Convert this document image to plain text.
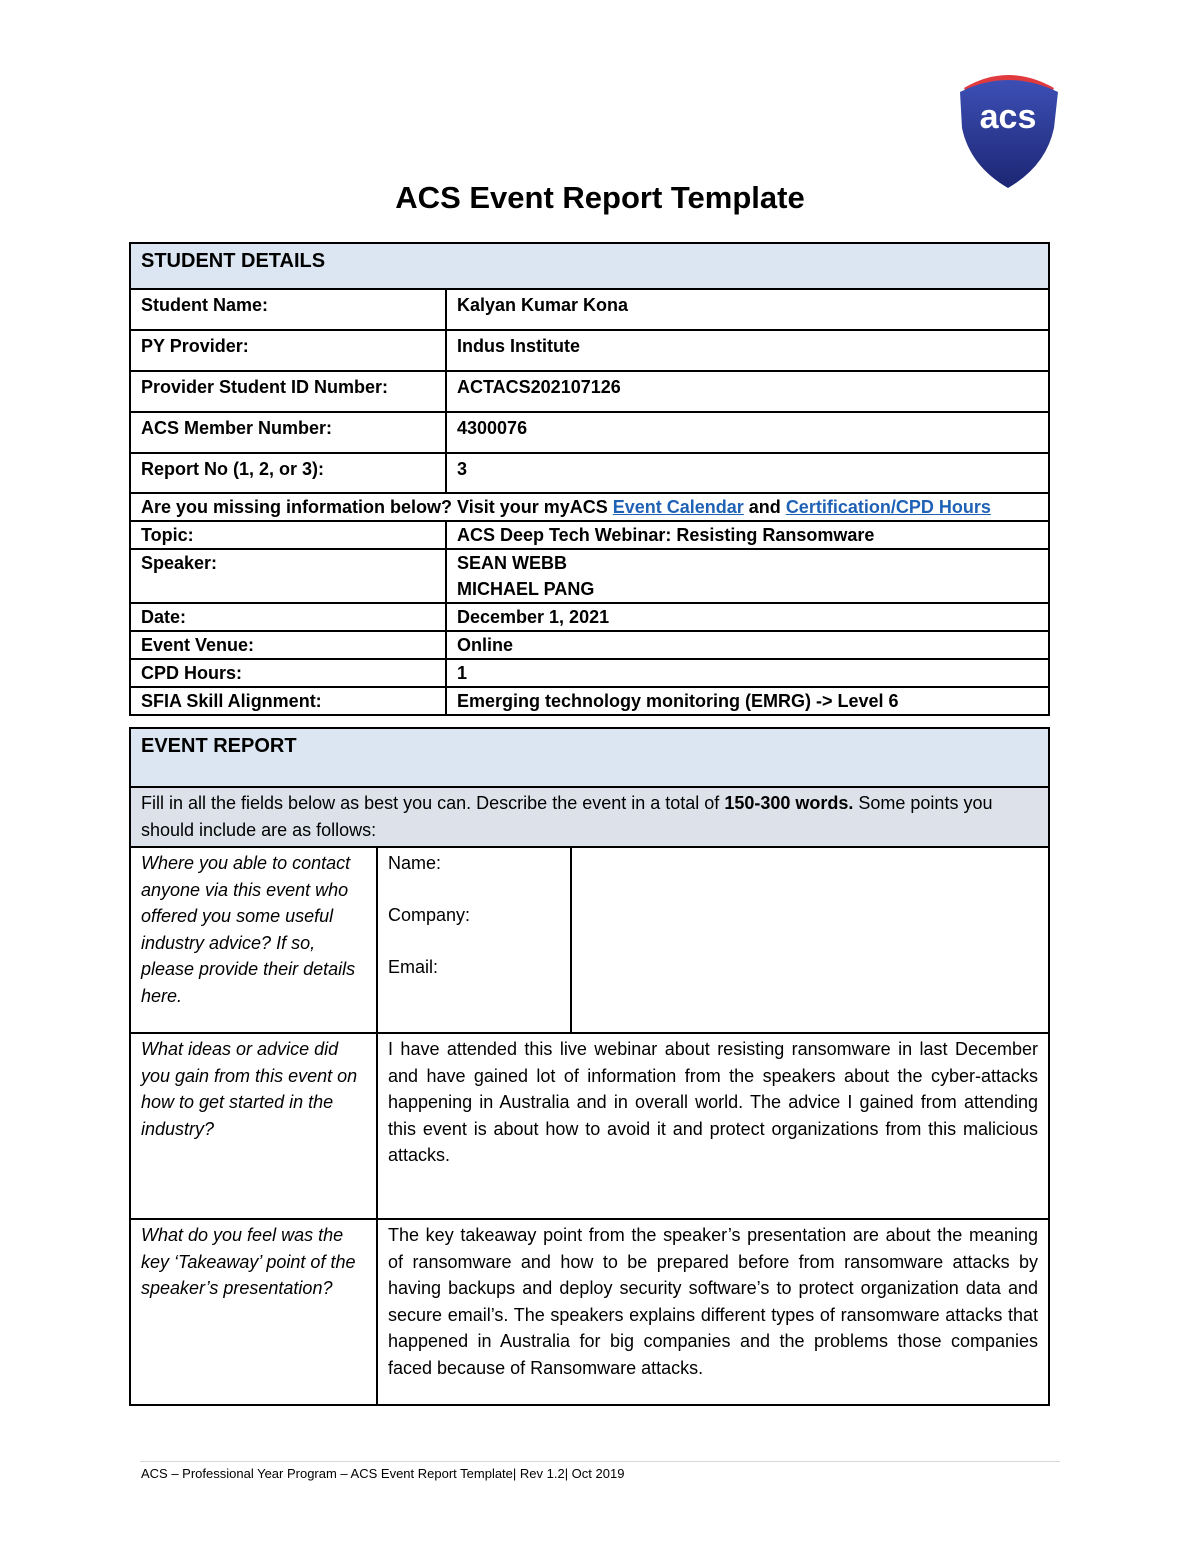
acs
ACS Event Report Template
STUDENT DETAILS	
Student Name:	Kalyan Kumar Kona
PY Provider:	Indus Institute
Provider Student ID Number:	ACTACS202107126
ACS Member Number:	4300076
Report No (1, 2, or 3):	3
Are you missing information below? Visit your myACS Event Calendar and Certification/CPD Hours	
Topic:	ACS Deep Tech Webinar: Resisting Ransomware
Speaker:	SEAN WEBB
MICHAEL PANG

Date:	December 1, 2021
Event Venue:	Online
CPD Hours:	1
SFIA Skill Alignment:	Emerging technology monitoring (EMRG) -> Level 6
EVENT REPORT		
Fill in all the fields below as best you can. Describe the event in a total of 150-300 words. Some points you should include are as follows:		
Where you able to contact anyone via this event who offered you some useful industry advice? If so, please provide their details here.	Name:
Company:
Email:	

What ideas or advice did you gain from this event on how to get started in the industry?	I have attended this live webinar about resisting ransomware in last December and have gained lot of information from the speakers about the cyber-attacks happening in Australia and in overall world. The advice I gained from attending this event is about how to avoid it and protect organizations from this malicious attacks.	
What do you feel was the key ‘Takeaway’ point of the speaker’s presentation?	The key takeaway point from the speaker’s presentation are about the meaning of ransomware and how to be prepared before from ransomware attacks by having backups and deploy security software’s to protect organization data and secure email’s. The speakers explains different types of ransomware attacks that happened in Australia for big companies and the problems those companies faced because of Ransomware attacks.	
ACS – Professional Year Program – ACS Event Report Template| Rev 1.2| Oct 2019
